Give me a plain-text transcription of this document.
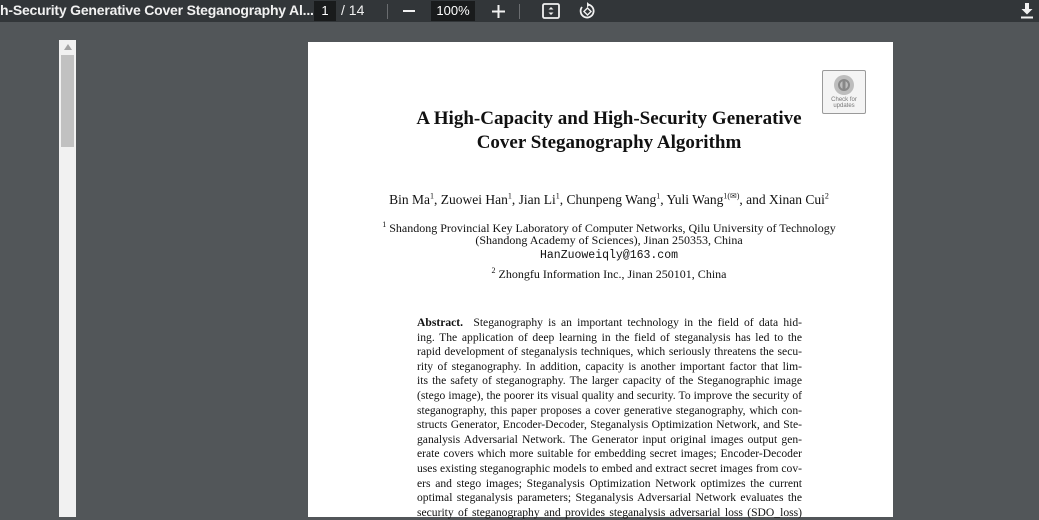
h-Security Generative Cover Steganography Al... 1 / 14	100%
Check for
updates
A High-Capacity and High-Security Generative
Cover Steganography Algorithm
Bin Ma$^1$, Zuowei Han$^1$, Jian Li$^1$, Chunpeng Wang$^1$, Yuli Wang$^{1(✉)}$, and Xinan Cui$^2$
$^1$ Shandong Provincial Key Laboratory of Computer Networks, Qilu University of Technology
(Shandong Academy of Sciences), Jinan 250353, China
HanZuoweiqly@163.com
$^2$ Zhongfu Information Inc., Jinan 250101, China
Abstract. Steganography is an important technology in the field of data hid-
ing. The application of deep learning in the field of steganalysis has led to the
rapid development of steganalysis techniques, which seriously threatens the secu-
rity of steganography. In addition, capacity is another important factor that lim-
its the safety of steganography. The larger capacity of the Steganographic image
(stego image), the poorer its visual quality and security. To improve the security of
steganography, this paper proposes a cover generative steganography, which con-
structs Generator, Encoder-Decoder, Steganalysis Optimization Network, and Ste-
ganalysis Adversarial Network. The Generator input original images output gen-
erate covers which more suitable for embedding secret images; Encoder-Decoder
uses existing steganographic models to embed and extract secret images from cov-
ers and stego images; Steganalysis Optimization Network optimizes the current
optimal steganalysis parameters; Steganalysis Adversarial Network evaluates the
security of steganography and provides steganalysis adversarial loss (SDO_loss)
